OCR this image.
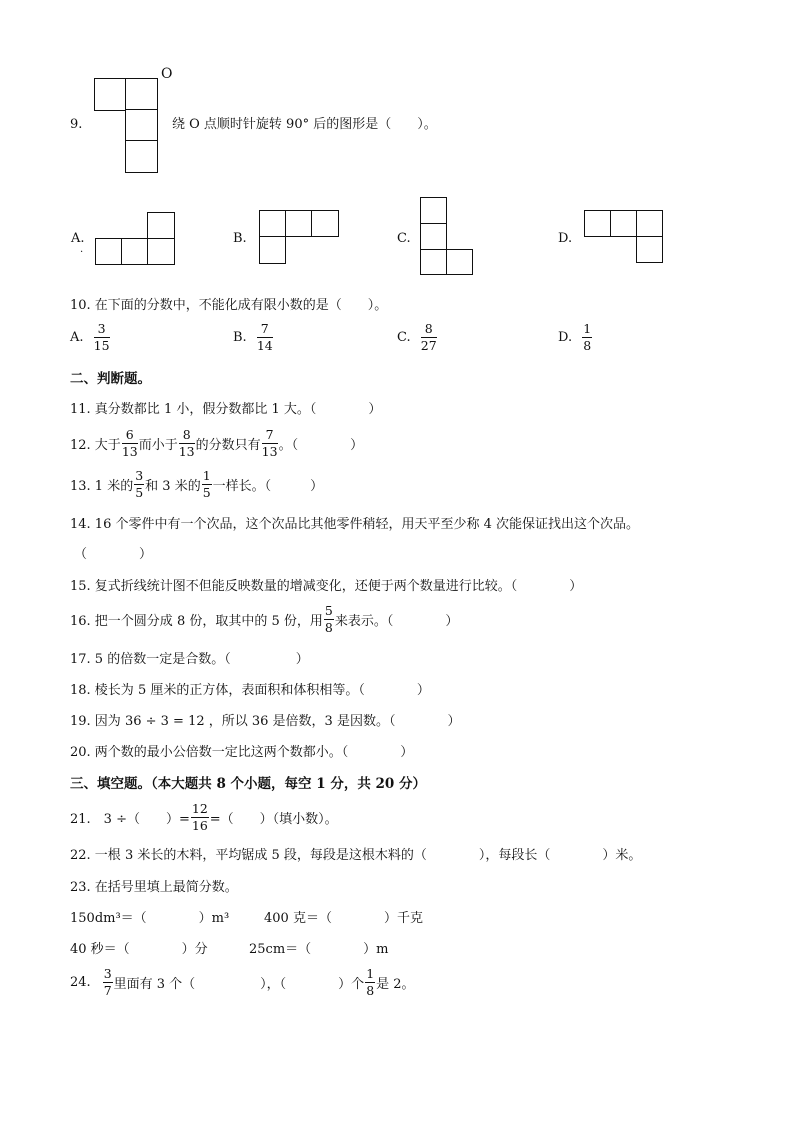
9.
O
绕 O 点顺时针旋转 90° 后的图形是（　　）。
A.
.
B.	C.	D.
10. 在下面的分数中，不能化成有限小数的是（　　）。
A. $\frac{3}{15}$	B. $\frac{7}{14}$	C. $\frac{8}{27}$	D. $\frac{1}{8}$
二、判断题。
11. 真分数都比 1 小，假分数都比 1 大。（　　　　）
12. 大于 $\frac{6}{13}$ 而小于 $\frac{8}{13}$ 的分数只有 $\frac{7}{13}$ 。（　　　　）
13. 1 米的 $\frac{3}{5}$ 和 3 米的 $\frac{1}{5}$ 一样长。（　　　）
14. 16 个零件中有一个次品，这个次品比其他零件稍轻，用天平至少称 4 次能保证找出这个次品。
（　　　　）
15. 复式折线统计图不但能反映数量的增减变化，还便于两个数量进行比较。（　　　　）
16. 把一个圆分成 8 份，取其中的 5 份，用 $\frac{5}{8}$ 来表示。（　　　　）
17. 5 的倍数一定是合数。（　　　　　）
18. 棱长为 5 厘米的正方体，表面积和体积相等。（　　　　）
19. 因为 36 ÷ 3 = 12 ，所以 36 是倍数，3 是因数。（　　　　）
20. 两个数的最小公倍数一定比这两个数都小。（　　　　）
三、填空题。（本大题共 8 个小题，每空 1 分，共 20 分）
21.　3 ÷（　　）= $\frac{12}{16}$ =（　　）（填小数）。
22. 一根 3 米长的木料，平均锯成 5 段，每段是这根木料的（　　　　），每段长（　　　　）米。
23. 在括号里填上最简分数。
150dm³＝（　　　　）m³	400 克＝（　　　　）千克
40 秒＝（　　　　）分	25cm＝（　　　　）m
24. $\frac{3}{7}$ 里面有 3 个（　　　　　），（　　　　）个 $\frac{1}{8}$ 是 2。
